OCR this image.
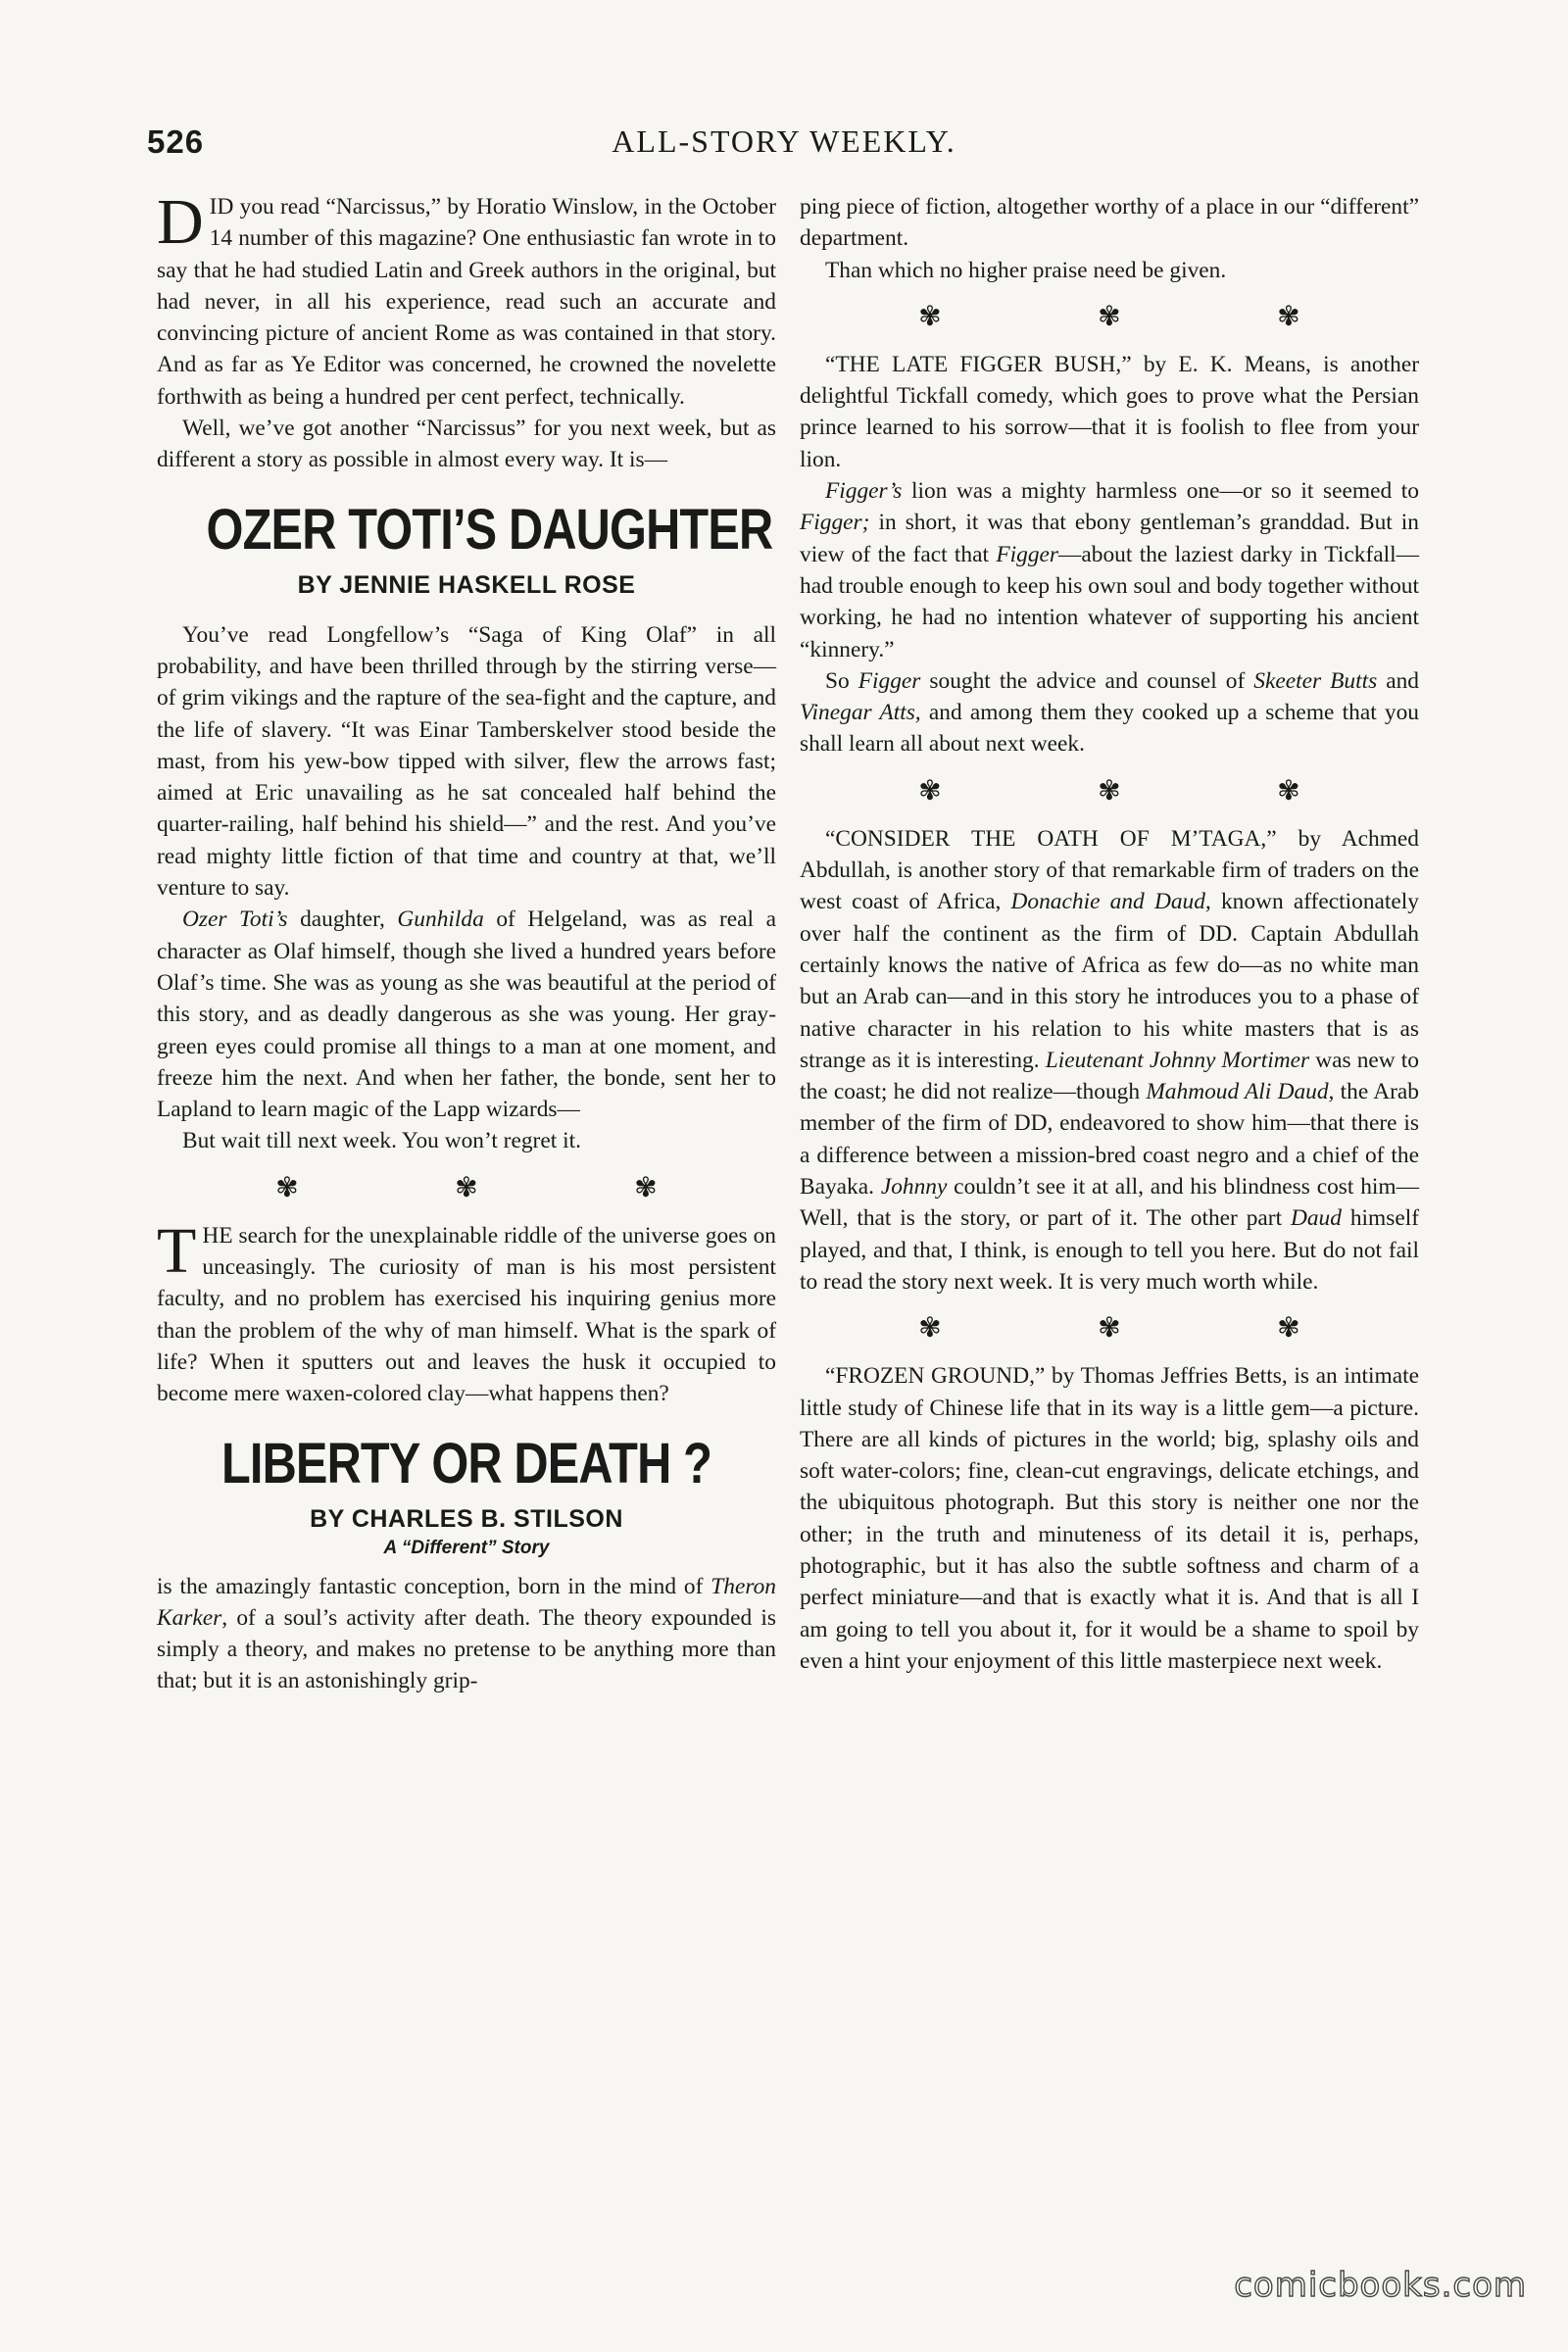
526	ALL-STORY WEEKLY.

DID you read “Narcissus,” by Horatio Winslow, in the October 14 number of this magazine? One enthusiastic fan wrote in to say that he had studied Latin and Greek authors in the original, but had never, in all his experience, read such an accurate and convincing picture of ancient Rome as was contained in that story. And as far as Ye Editor was concerned, he crowned the novelette forthwith as being a hundred per cent perfect, technically.

Well, we’ve got another “Narcissus” for you next week, but as different a story as possible in almost every way. It is—

OZER TOTI’S DAUGHTER
BY JENNIE HASKELL ROSE

You’ve read Longfellow’s “Saga of King Olaf” in all probability, and have been thrilled through by the stirring verse—of grim vikings and the rapture of the sea-fight and the capture, and the life of slavery. “It was Einar Tamberskelver stood beside the mast, from his yew-bow tipped with silver, flew the arrows fast; aimed at Eric unavailing as he sat concealed half behind the quarter-railing, half behind his shield—” and the rest. And you’ve read mighty little fiction of that time and country at that, we’ll venture to say.

Ozer Toti’s daughter, Gunhilda of Helgeland, was as real a character as Olaf himself, though she lived a hundred years before Olaf’s time. She was as young as she was beautiful at the period of this story, and as deadly dangerous as she was young. Her gray-green eyes could promise all things to a man at one moment, and freeze him the next. And when her father, the bonde, sent her to Lapland to learn magic of the Lapp wizards—

But wait till next week. You won’t regret it.

✾	✾	✾

THE search for the unexplainable riddle of the universe goes on unceasingly. The curiosity of man is his most persistent faculty, and no problem has exercised his inquiring genius more than the problem of the why of man himself. What is the spark of life? When it sputters out and leaves the husk it occupied to become mere waxen-colored clay—what happens then?

LIBERTY OR DEATH ?
BY CHARLES B. STILSON
A “Different” Story

is the amazingly fantastic conception, born in the mind of Theron Karker, of a soul’s activity after death. The theory expounded is simply a theory, and makes no pretense to be anything more than that; but it is an astonishingly grip-

ping piece of fiction, altogether worthy of a place in our “different” department.

Than which no higher praise need be given.

✾	✾	✾

“THE LATE FIGGER BUSH,” by E. K. Means, is another delightful Tickfall comedy, which goes to prove what the Persian prince learned to his sorrow—that it is foolish to flee from your lion.

Figger’s lion was a mighty harmless one—or so it seemed to Figger; in short, it was that ebony gentleman’s granddad. But in view of the fact that Figger—about the laziest darky in Tickfall—had trouble enough to keep his own soul and body together without working, he had no intention whatever of supporting his ancient “kinnery.”

So Figger sought the advice and counsel of Skeeter Butts and Vinegar Atts, and among them they cooked up a scheme that you shall learn all about next week.

✾	✾	✾

“CONSIDER THE OATH OF M’TAGA,” by Achmed Abdullah, is another story of that remarkable firm of traders on the west coast of Africa, Donachie and Daud, known affectionately over half the continent as the firm of DD. Captain Abdullah certainly knows the native of Africa as few do—as no white man but an Arab can—and in this story he introduces you to a phase of native character in his relation to his white masters that is as strange as it is interesting. Lieutenant Johnny Mortimer was new to the coast; he did not realize—though Mahmoud Ali Daud, the Arab member of the firm of DD, endeavored to show him—that there is a difference between a mission-bred coast negro and a chief of the Bayaka. Johnny couldn’t see it at all, and his blindness cost him— Well, that is the story, or part of it. The other part Daud himself played, and that, I think, is enough to tell you here. But do not fail to read the story next week. It is very much worth while.

✾	✾	✾

“FROZEN GROUND,” by Thomas Jeffries Betts, is an intimate little study of Chinese life that in its way is a little gem—a picture. There are all kinds of pictures in the world; big, splashy oils and soft water-colors; fine, clean-cut engravings, delicate etchings, and the ubiquitous photograph. But this story is neither one nor the other; in the truth and minuteness of its detail it is, perhaps, photographic, but it has also the subtle softness and charm of a perfect miniature—and that is exactly what it is. And that is all I am going to tell you about it, for it would be a shame to spoil by even a hint your enjoyment of this little masterpiece next week.

comicbooks.com
